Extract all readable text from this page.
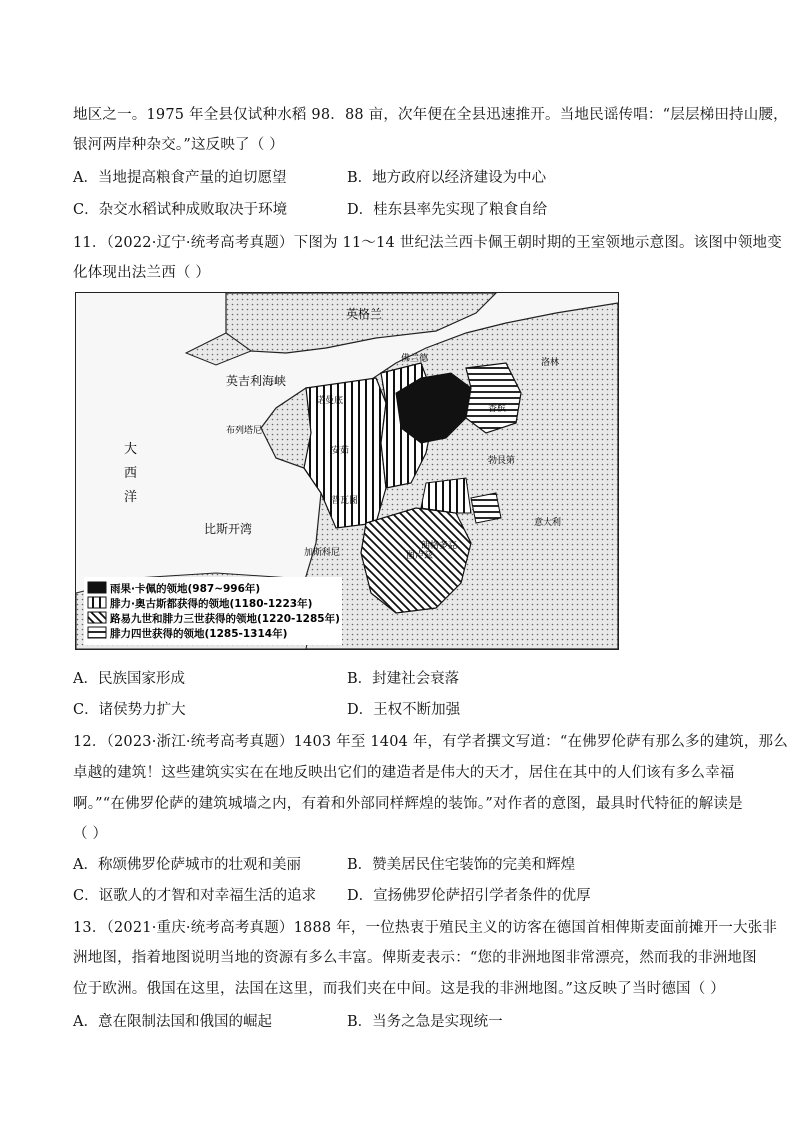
地区之一。1975 年全县仅试种水稻 98．88 亩，次年便在全县迅速推开。当地民谣传唱：“层层梯田持山腰，
银河两岸种杂交。”这反映了（ ）
A．当地提高粮食产量的迫切愿望	B．地方政府以经济建设为中心
C．杂交水稻试种成败取决于环境	D．桂东县率先实现了粮食自给
11．（2022·辽宁·统考高考真题）下图为 11～14 世纪法兰西卡佩王朝时期的王室领地示意图。该图中领地变
化体现出法兰西（ ）
英格兰
英吉利海峡
大
西
洋
比斯开湾
佛兰德	洛林
诺曼底
布列塔尼
香槟
安茹
普瓦图
图卢兹
朗格多克
加斯科尼
勃艮第
意大利
雨果·卡佩的领地(987~996年)
腓力·奥古斯都获得的领地(1180-1223年)
路易九世和腓力三世获得的领地(1220-1285年)
腓力四世获得的领地(1285-1314年)
A．民族国家形成	B．封建社会衰落
C．诸侯势力扩大	D．王权不断加强
12．（2023·浙江·统考高考真题）1403 年至 1404 年，有学者撰文写道：“在佛罗伦萨有那么多的建筑，那么
卓越的建筑！这些建筑实实在在地反映出它们的建造者是伟大的天才，居住在其中的人们该有多么幸福
啊。”“在佛罗伦萨的建筑城墙之内，有着和外部同样辉煌的装饰。”对作者的意图，最具时代特征的解读是
（ ）
A．称颂佛罗伦萨城市的壮观和美丽	B．赞美居民住宅装饰的完美和辉煌
C．讴歌人的才智和对幸福生活的追求 D．宣扬佛罗伦萨招引学者条件的优厚
13．（2021·重庆·统考高考真题）1888 年，一位热衷于殖民主义的访客在德国首相俾斯麦面前摊开一大张非
洲地图，指着地图说明当地的资源有多么丰富。俾斯麦表示：“您的非洲地图非常漂亮，然而我的非洲地图
位于欧洲。俄国在这里，法国在这里，而我们夹在中间。这是我的非洲地图。”这反映了当时德国（ ）
A．意在限制法国和俄国的崛起	B．当务之急是实现统一
